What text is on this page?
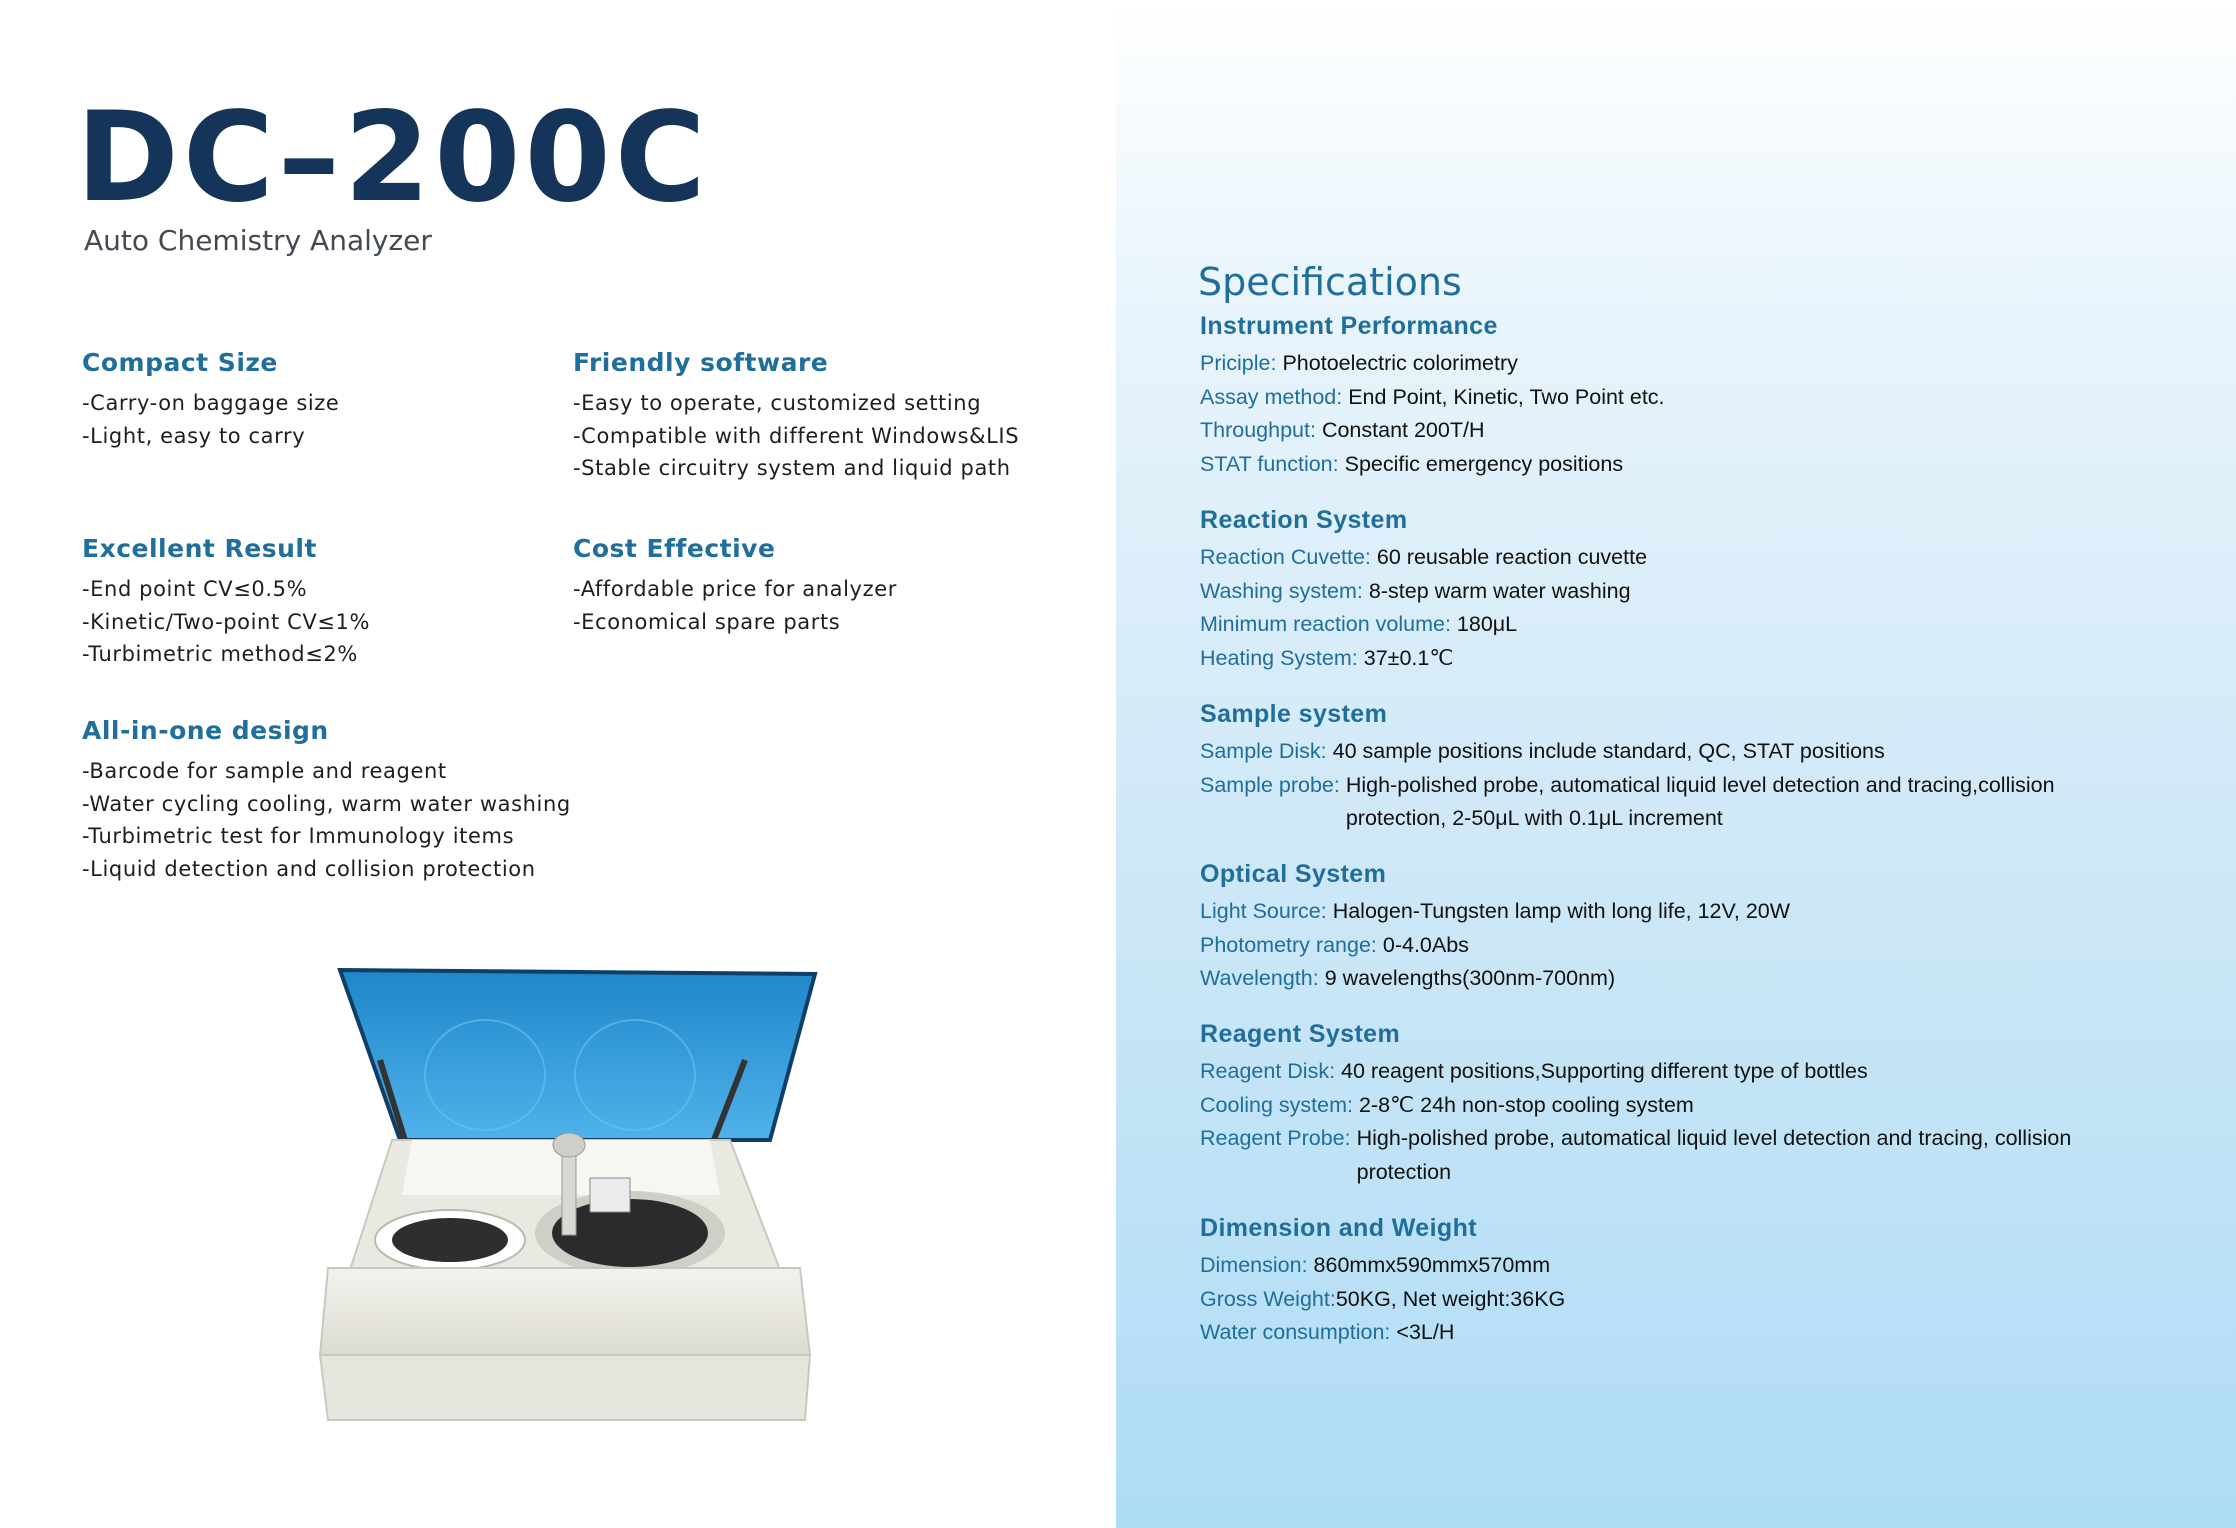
DC–200C
Auto Chemistry Analyzer
Compact Size
-Carry-on baggage size
-Light, easy to carry
Friendly software
-Easy to operate, customized setting
-Compatible with different Windows&LIS
-Stable circuitry system and liquid path
Excellent Result
-End point CV≤0.5%
-Kinetic/Two-point CV≤1%
-Turbimetric method≤2%
Cost Effective
-Affordable price for analyzer
-Economical spare parts
All-in-one design
-Barcode for sample and reagent
-Water cycling cooling, warm water washing
-Turbimetric test for Immunology items
-Liquid detection and collision protection
Specifications
Instrument Performance
Priciple: Photoelectric colorimetry
Assay method: End Point, Kinetic, Two Point etc.
Throughput: Constant 200T/H
STAT function: Specific emergency positions
Reaction System
Reaction Cuvette: 60 reusable reaction cuvette
Washing system: 8-step warm water washing
Minimum reaction volume: 180μL
Heating System: 37±0.1℃
Sample system
Sample Disk: 40 sample positions include standard, QC, STAT positions
Sample probe: High-polished probe, automatical liquid level detection and tracing,collision protection, 2-50μL with 0.1μL increment
Optical System
Light Source: Halogen-Tungsten lamp with long life, 12V, 20W
Photometry range: 0-4.0Abs
Wavelength: 9 wavelengths(300nm-700nm)
Reagent System
Reagent Disk: 40 reagent positions,Supporting different type of bottles
Cooling system: 2-8℃ 24h non-stop cooling system
Reagent Probe: High-polished probe, automatical liquid level detection and tracing, collision protection
Dimension and Weight
Dimension: 860mmx590mmx570mm
Gross Weight: 50KG, Net weight:36KG
Water consumption: <3L/H
